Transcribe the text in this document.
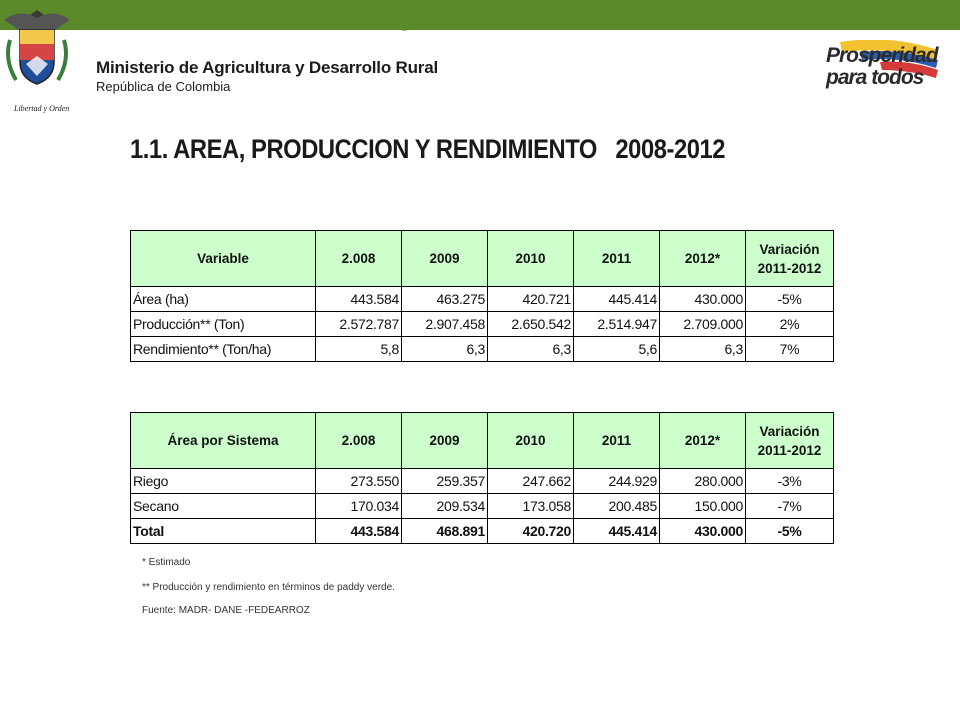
Libertad y Orden
Ministerio de Agricultura y Desarrollo Rural
República de Colombia
Prosperidad
para todos
1.1. AREA, PRODUCCION Y RENDIMIENTO   2008-2012
Variable	2.008	2009	2010	2011	2012*	Variación 2011-2012
Área (ha)	443.584	463.275	420.721	445.414	430.000	-5%
Producción** (Ton)	2.572.787	2.907.458	2.650.542	2.514.947	2.709.000	2%
Rendimiento** (Ton/ha)	5,8	6,3	6,3	5,6	6,3	7%
Área por Sistema	2.008	2009	2010	2011	2012*	Variación 2011-2012
Riego	273.550	259.357	247.662	244.929	280.000	-3%
Secano	170.034	209.534	173.058	200.485	150.000	-7%
Total	443.584	468.891	420.720	445.414	430.000	-5%
* Estimado
** Producción y rendimiento en términos de paddy verde.
Fuente: MADR- DANE -FEDEARROZ
